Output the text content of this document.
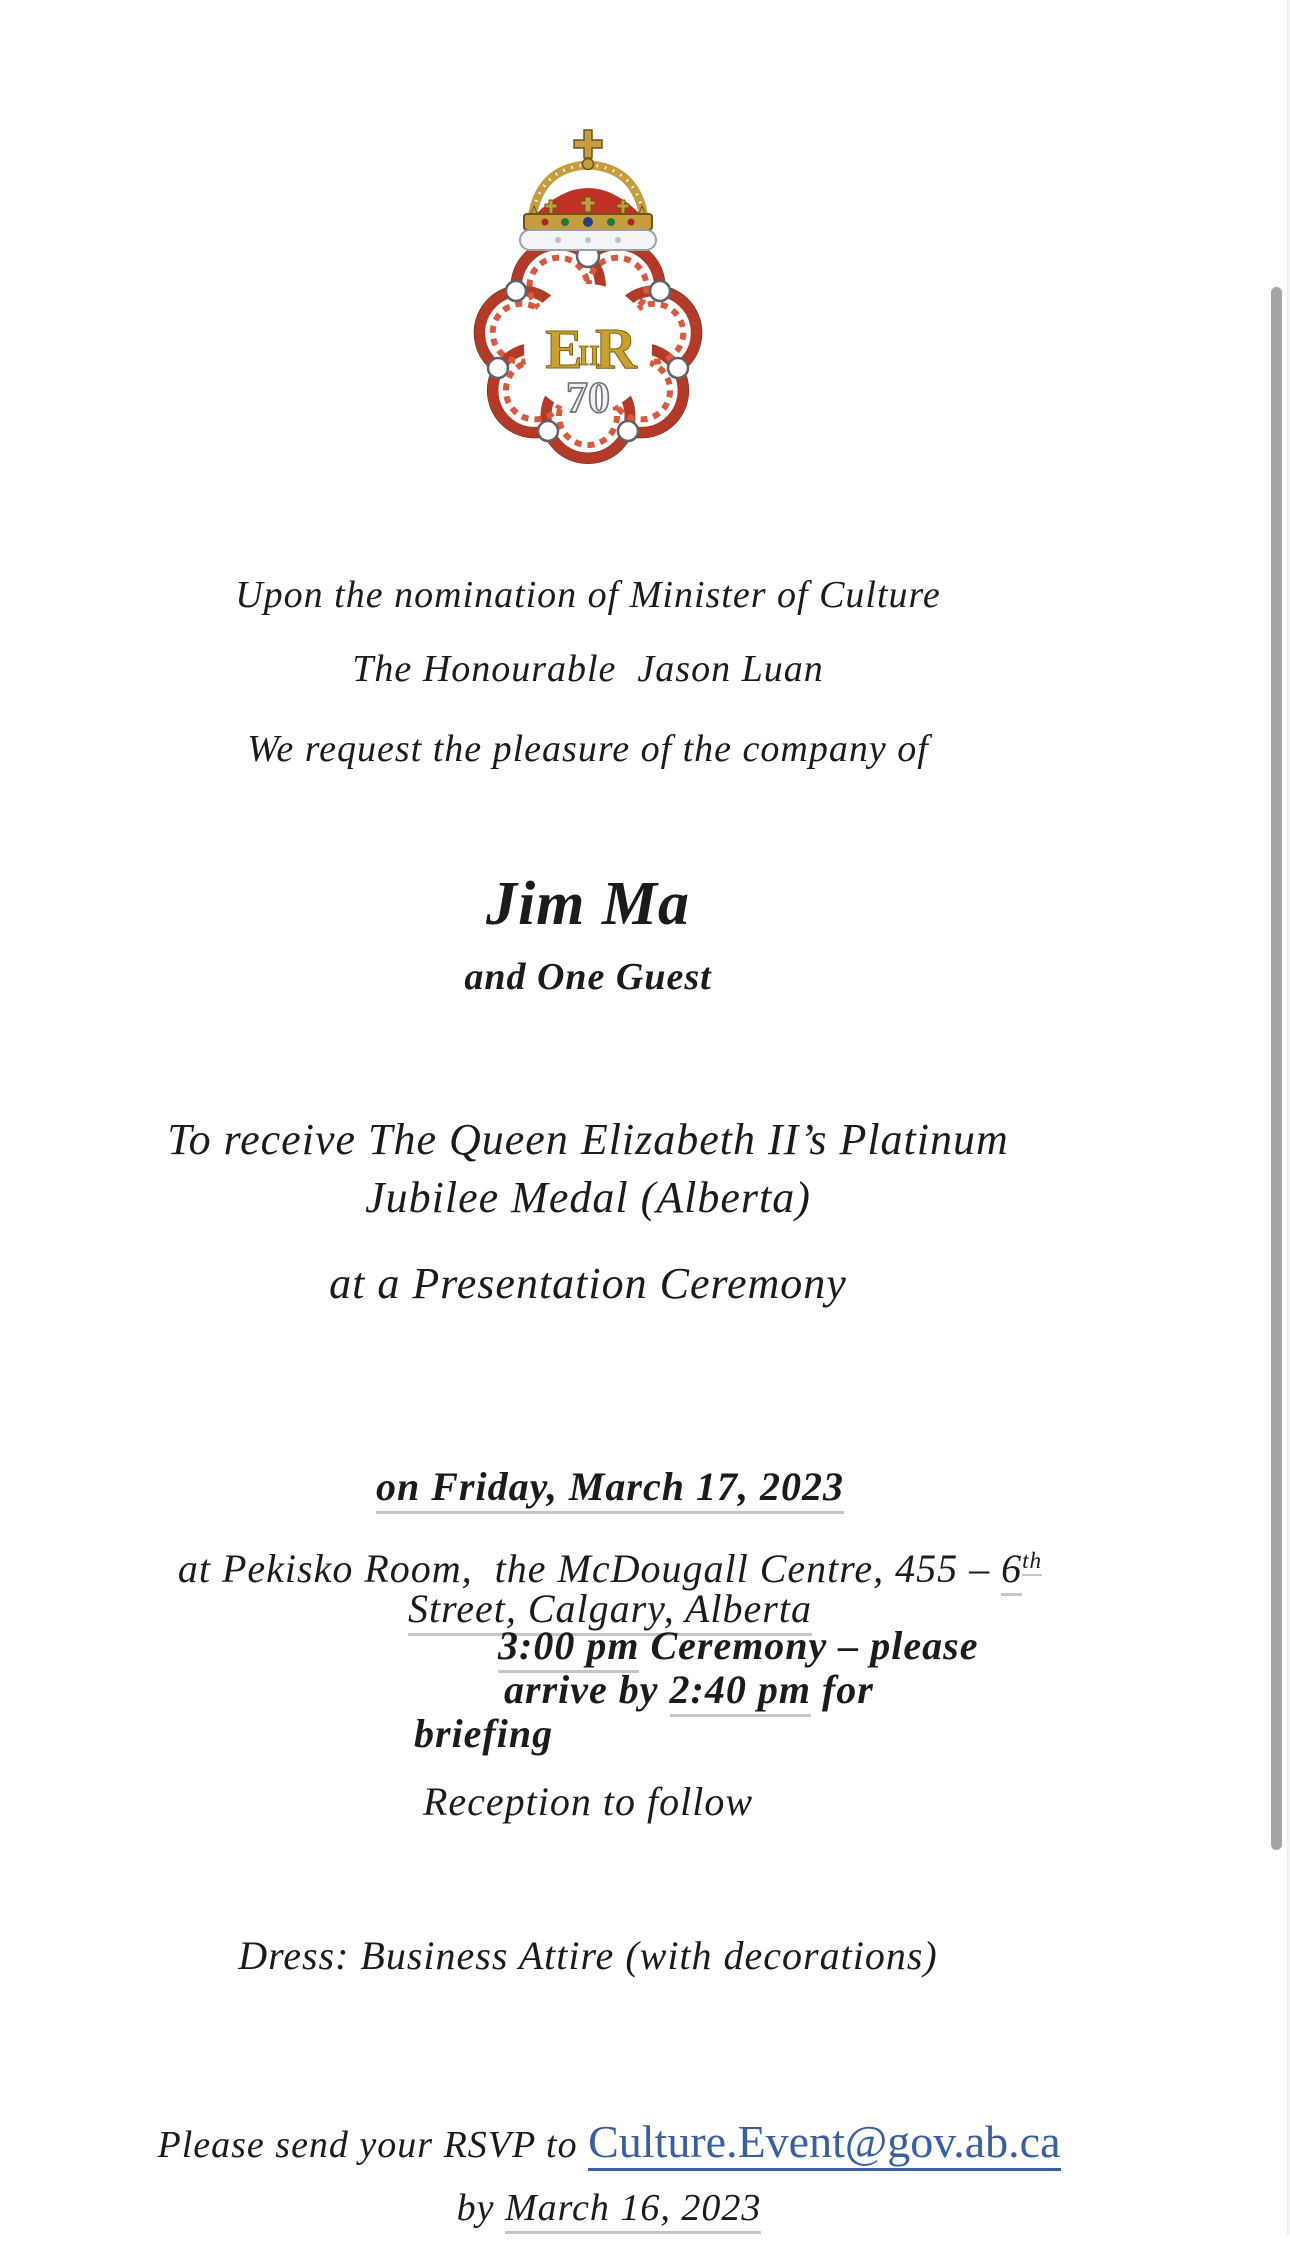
E
II
R
70
Upon the nomination of Minister of Culture
The Honourable  Jason Luan
We request the pleasure of the company of
Jim Ma
and One Guest
To receive The Queen Elizabeth II’s Platinum
Jubilee Medal (Alberta)
at a Presentation Ceremony

on Friday, March 17, 2023

at Pekisko Room,  the McDougall Centre, 455 – 6th

Street, Calgary, Alberta

3:00 pm Ceremony – please
arrive by 2:40 pm for
briefing
Reception to follow
Dress: Business Attire (with decorations)

Please send your RSVP to Culture.Event@gov.ab.ca

by March 16, 2023
